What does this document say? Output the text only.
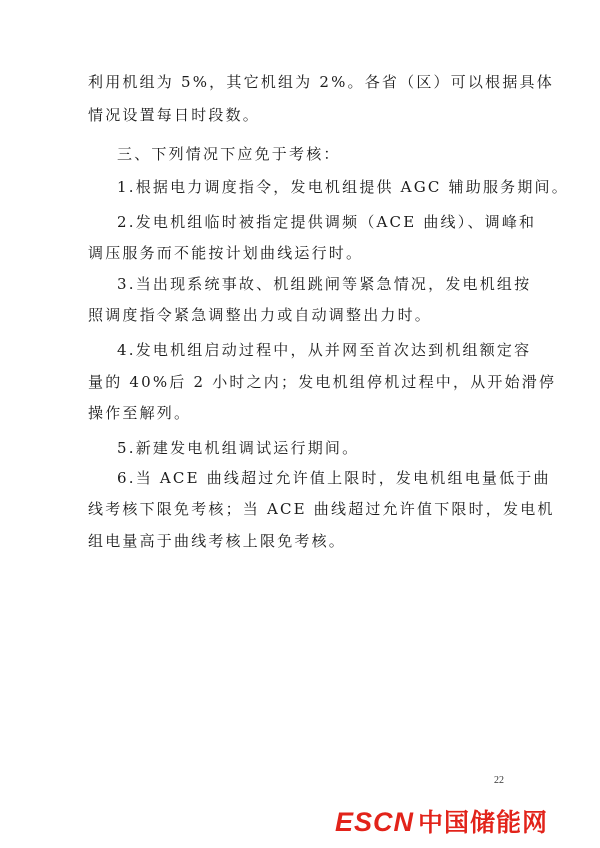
利用机组为 5%，其它机组为 2%。各省（区）可以根据具体
情况设置每日时段数。
三、下列情况下应免于考核：
1.根据电力调度指令，发电机组提供 AGC 辅助服务期间。
2.发电机组临时被指定提供调频（ACE 曲线）、调峰和
调压服务而不能按计划曲线运行时。
3.当出现系统事故、机组跳闸等紧急情况，发电机组按
照调度指令紧急调整出力或自动调整出力时。
4.发电机组启动过程中，从并网至首次达到机组额定容
量的 40%后 2 小时之内；发电机组停机过程中，从开始滑停
操作至解列。
5.新建发电机组调试运行期间。
6.当 ACE 曲线超过允许值上限时，发电机组电量低于曲
线考核下限免考核；当 ACE 曲线超过允许值下限时，发电机
组电量高于曲线考核上限免考核。
22
ESCN 中国储能网
